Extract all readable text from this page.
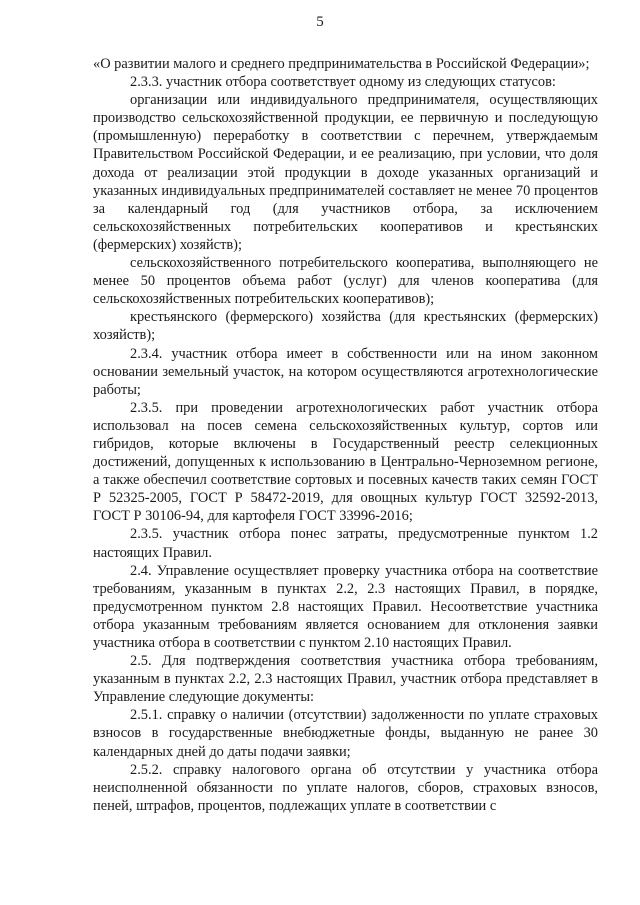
5

«О развитии малого и среднего предпринимательства в Российской Федерации»;

2.3.3. участник отбора соответствует одному из следующих статусов:

организации или индивидуального предпринимателя, осуществляющих производство сельскохозяйственной продукции, ее первичную и последующую (промышленную) переработку в соответствии с перечнем, утверждаемым Правительством Российской Федерации, и ее реализацию, при условии, что доля дохода от реализации этой продукции в доходе указанных организаций и указанных индивидуальных предпринимателей составляет не менее 70 процентов за календарный год (для участников отбора, за исключением сельскохозяйственных потребительских кооперативов и крестьянских (фермерских) хозяйств);

сельскохозяйственного потребительского кооператива, выполняющего не менее 50 процентов объема работ (услуг) для членов кооператива (для сельскохозяйственных потребительских кооперативов);

крестьянского (фермерского) хозяйства (для крестьянских (фермерских) хозяйств);

2.3.4. участник отбора имеет в собственности или на ином законном основании земельный участок, на котором осуществляются агротехнологические работы;

2.3.5. при проведении агротехнологических работ участник отбора использовал на посев семена сельскохозяйственных культур, сортов или гибридов, которые включены в Государственный реестр селекционных достижений, допущенных к использованию в Центрально-Черноземном регионе, а также обеспечил соответствие сортовых и посевных качеств таких семян ГОСТ Р 52325-2005, ГОСТ Р 58472-2019, для овощных культур ГОСТ 32592-2013, ГОСТ Р 30106-94, для картофеля ГОСТ 33996-2016;

2.3.5. участник отбора понес затраты, предусмотренные пунктом 1.2 настоящих Правил.

2.4. Управление осуществляет проверку участника отбора на соответствие требованиям, указанным в пунктах 2.2, 2.3 настоящих Правил, в порядке, предусмотренном пунктом 2.8 настоящих Правил. Несоответствие участника отбора указанным требованиям является основанием для отклонения заявки участника отбора в соответствии с пунктом 2.10 настоящих Правил.

2.5. Для подтверждения соответствия участника отбора требованиям, указанным в пунктах 2.2, 2.3 настоящих Правил, участник отбора представляет в Управление следующие документы:

2.5.1. справку о наличии (отсутствии) задолженности по уплате страховых взносов в государственные внебюджетные фонды, выданную не ранее 30 календарных дней до даты подачи заявки;

2.5.2. справку налогового органа об отсутствии у участника отбора неисполненной обязанности по уплате налогов, сборов, страховых взносов, пеней, штрафов, процентов, подлежащих уплате в соответствии с
